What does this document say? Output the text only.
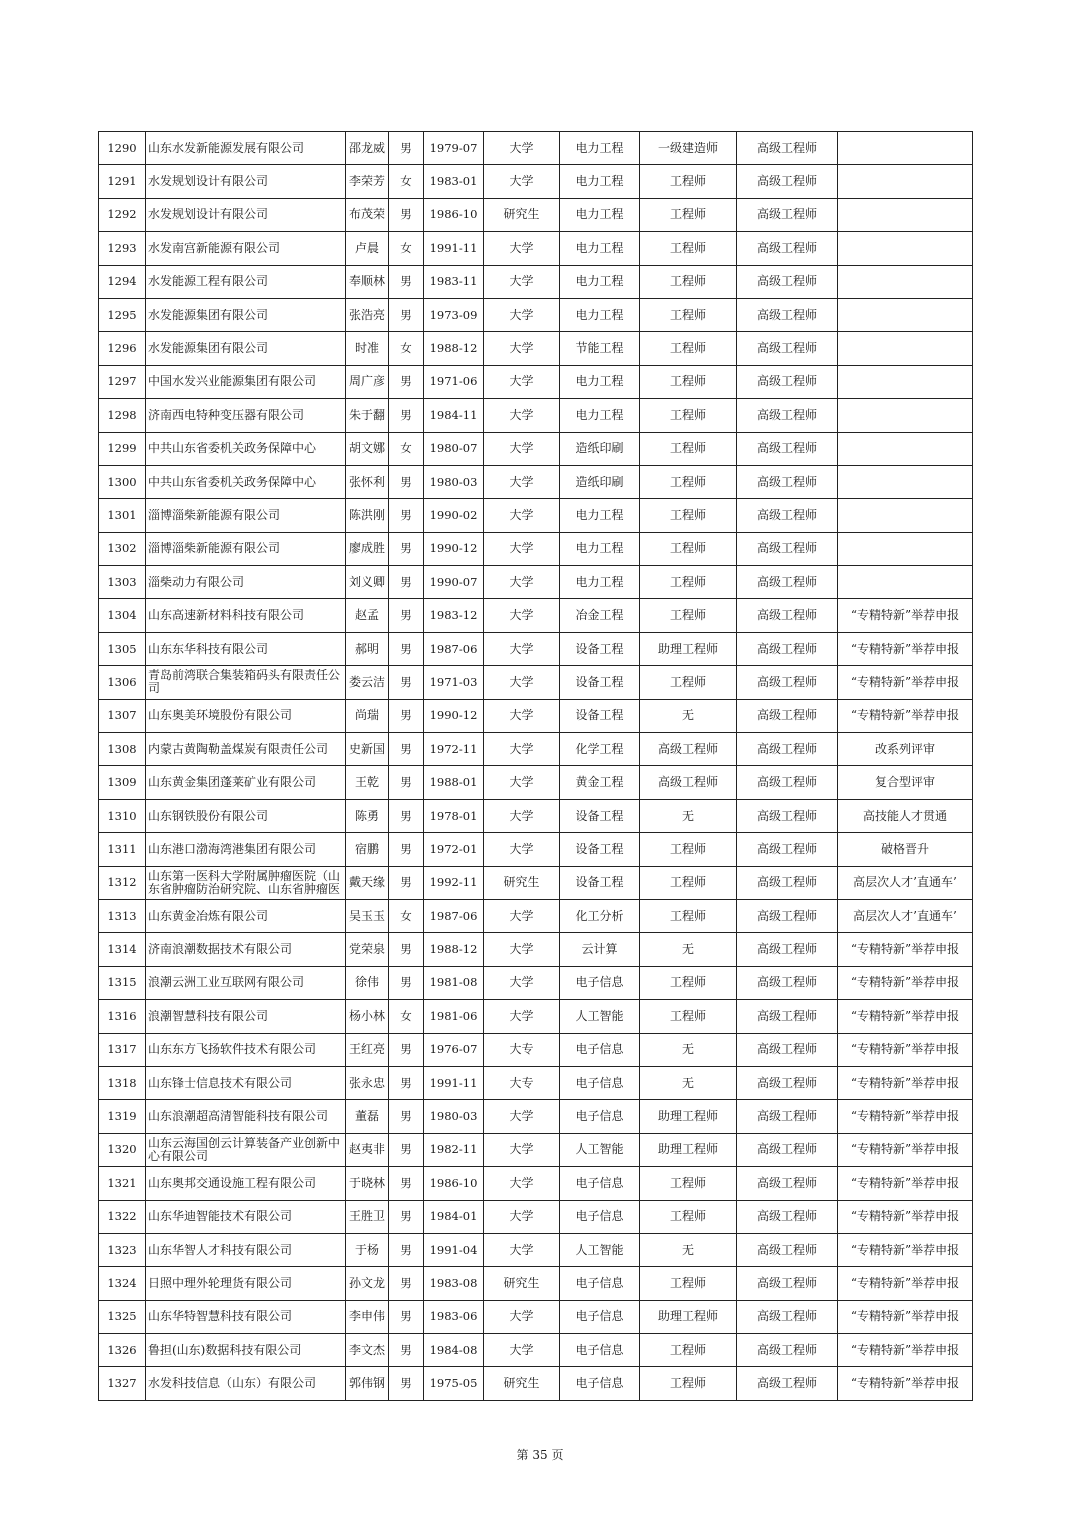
1290	山东水发新能源发展有限公司	邵龙威	男	1979-07	大学	电力工程	一级建造师	高级工程师	
1291	水发规划设计有限公司	李荣芳	女	1983-01	大学	电力工程	工程师	高级工程师	
1292	水发规划设计有限公司	布茂荣	男	1986-10	研究生	电力工程	工程师	高级工程师	
1293	水发南宫新能源有限公司	卢晨	女	1991-11	大学	电力工程	工程师	高级工程师	
1294	水发能源工程有限公司	奉顺林	男	1983-11	大学	电力工程	工程师	高级工程师	
1295	水发能源集团有限公司	张浩亮	男	1973-09	大学	电力工程	工程师	高级工程师	
1296	水发能源集团有限公司	时准	女	1988-12	大学	节能工程	工程师	高级工程师	
1297	中国水发兴业能源集团有限公司	周广彦	男	1971-06	大学	电力工程	工程师	高级工程师	
1298	济南西电特种变压器有限公司	朱于翻	男	1984-11	大学	电力工程	工程师	高级工程师	
1299	中共山东省委机关政务保障中心	胡文娜	女	1980-07	大学	造纸印刷	工程师	高级工程师	
1300	中共山东省委机关政务保障中心	张怀利	男	1980-03	大学	造纸印刷	工程师	高级工程师	
1301	淄博淄柴新能源有限公司	陈洪刚	男	1990-02	大学	电力工程	工程师	高级工程师	
1302	淄博淄柴新能源有限公司	廖成胜	男	1990-12	大学	电力工程	工程师	高级工程师	
1303	淄柴动力有限公司	刘义卿	男	1990-07	大学	电力工程	工程师	高级工程师	
1304	山东高速新材料科技有限公司	赵孟	男	1983-12	大学	冶金工程	工程师	高级工程师	“专精特新”举荐申报
1305	山东东华科技有限公司	郝明	男	1987-06	大学	设备工程	助理工程师	高级工程师	“专精特新”举荐申报
1306	青岛前湾联合集装箱码头有限责任公司	娄云洁	男	1971-03	大学	设备工程	工程师	高级工程师	“专精特新”举荐申报
1307	山东奥美环境股份有限公司	尚瑞	男	1990-12	大学	设备工程	无	高级工程师	“专精特新”举荐申报
1308	内蒙古黄陶勒盖煤炭有限责任公司	史新国	男	1972-11	大学	化学工程	高级工程师	高级工程师	改系列评审
1309	山东黄金集团蓬莱矿业有限公司	王乾	男	1988-01	大学	黄金工程	高级工程师	高级工程师	复合型评审
1310	山东钢铁股份有限公司	陈勇	男	1978-01	大学	设备工程	无	高级工程师	高技能人才贯通
1311	山东港口渤海湾港集团有限公司	宿鹏	男	1972-01	大学	设备工程	工程师	高级工程师	破格晋升
1312	山东第一医科大学附属肿瘤医院（山东省肿瘤防治研究院、山东省肿瘤医	戴天缘	男	1992-11	研究生	设备工程	工程师	高级工程师	高层次人才’直通车’
1313	山东黄金冶炼有限公司	吴玉玉	女	1987-06	大学	化工分析	工程师	高级工程师	高层次人才’直通车’
1314	济南浪潮数据技术有限公司	党荣泉	男	1988-12	大学	云计算	无	高级工程师	“专精特新”举荐申报
1315	浪潮云洲工业互联网有限公司	徐伟	男	1981-08	大学	电子信息	工程师	高级工程师	“专精特新”举荐申报
1316	浪潮智慧科技有限公司	杨小林	女	1981-06	大学	人工智能	工程师	高级工程师	“专精特新”举荐申报
1317	山东东方飞扬软件技术有限公司	王红亮	男	1976-07	大专	电子信息	无	高级工程师	“专精特新”举荐申报
1318	山东锋士信息技术有限公司	张永忠	男	1991-11	大专	电子信息	无	高级工程师	“专精特新”举荐申报
1319	山东浪潮超高清智能科技有限公司	董磊	男	1980-03	大学	电子信息	助理工程师	高级工程师	“专精特新”举荐申报
1320	山东云海国创云计算装备产业创新中心有限公司	赵夷非	男	1982-11	大学	人工智能	助理工程师	高级工程师	“专精特新”举荐申报
1321	山东奥邦交通设施工程有限公司	于晓林	男	1986-10	大学	电子信息	工程师	高级工程师	“专精特新”举荐申报
1322	山东华迪智能技术有限公司	王胜卫	男	1984-01	大学	电子信息	工程师	高级工程师	“专精特新”举荐申报
1323	山东华智人才科技有限公司	于杨	男	1991-04	大学	人工智能	无	高级工程师	“专精特新”举荐申报
1324	日照中理外轮理货有限公司	孙文龙	男	1983-08	研究生	电子信息	工程师	高级工程师	“专精特新”举荐申报
1325	山东华特智慧科技有限公司	李申伟	男	1983-06	大学	电子信息	助理工程师	高级工程师	“专精特新”举荐申报
1326	鲁担(山东)数据科技有限公司	李文杰	男	1984-08	大学	电子信息	工程师	高级工程师	“专精特新”举荐申报
1327	水发科技信息（山东）有限公司	郭伟钢	男	1975-05	研究生	电子信息	工程师	高级工程师	“专精特新”举荐申报
第 35 页
